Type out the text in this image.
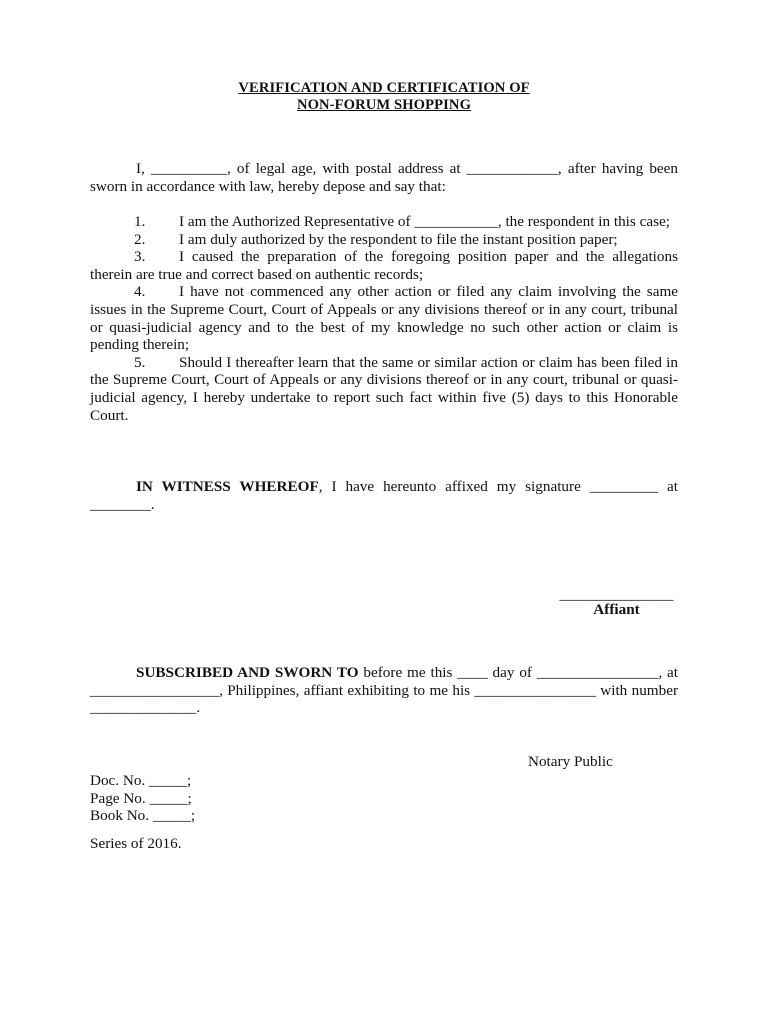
VERIFICATION AND CERTIFICATION OF
NON-FORUM SHOPPING

I, __________, of legal age, with postal address at ____________, after having been sworn in accordance with law, hereby depose and say that:

1. I am the Authorized Representative of ___________, the respondent in this case;

2. I am duly authorized by the respondent to file the instant position paper;

3. I caused the preparation of the foregoing position paper and the allegations therein are true and correct based on authentic records;

4. I have not commenced any other action or filed any claim involving the same issues in the Supreme Court, Court of Appeals or any divisions thereof or in any court, tribunal or quasi-judicial agency and to the best of my knowledge no such other action or claim is pending therein;

5. Should I thereafter learn that the same or similar action or claim has been filed in the Supreme Court, Court of Appeals or any divisions thereof or in any court, tribunal or quasi-judicial agency, I hereby undertake to report such fact within five (5) days to this Honorable Court.

IN WITNESS WHEREOF, I have hereunto affixed my signature _________ at ________.

_______________
Affiant

SUBSCRIBED AND SWORN TO before me this ____ day of ________________, at _________________, Philippines, affiant exhibiting to me his ________________ with number ______________.

Notary Public
Doc. No. _____;
Page No. _____;
Book No. _____;
Series of 2016.
